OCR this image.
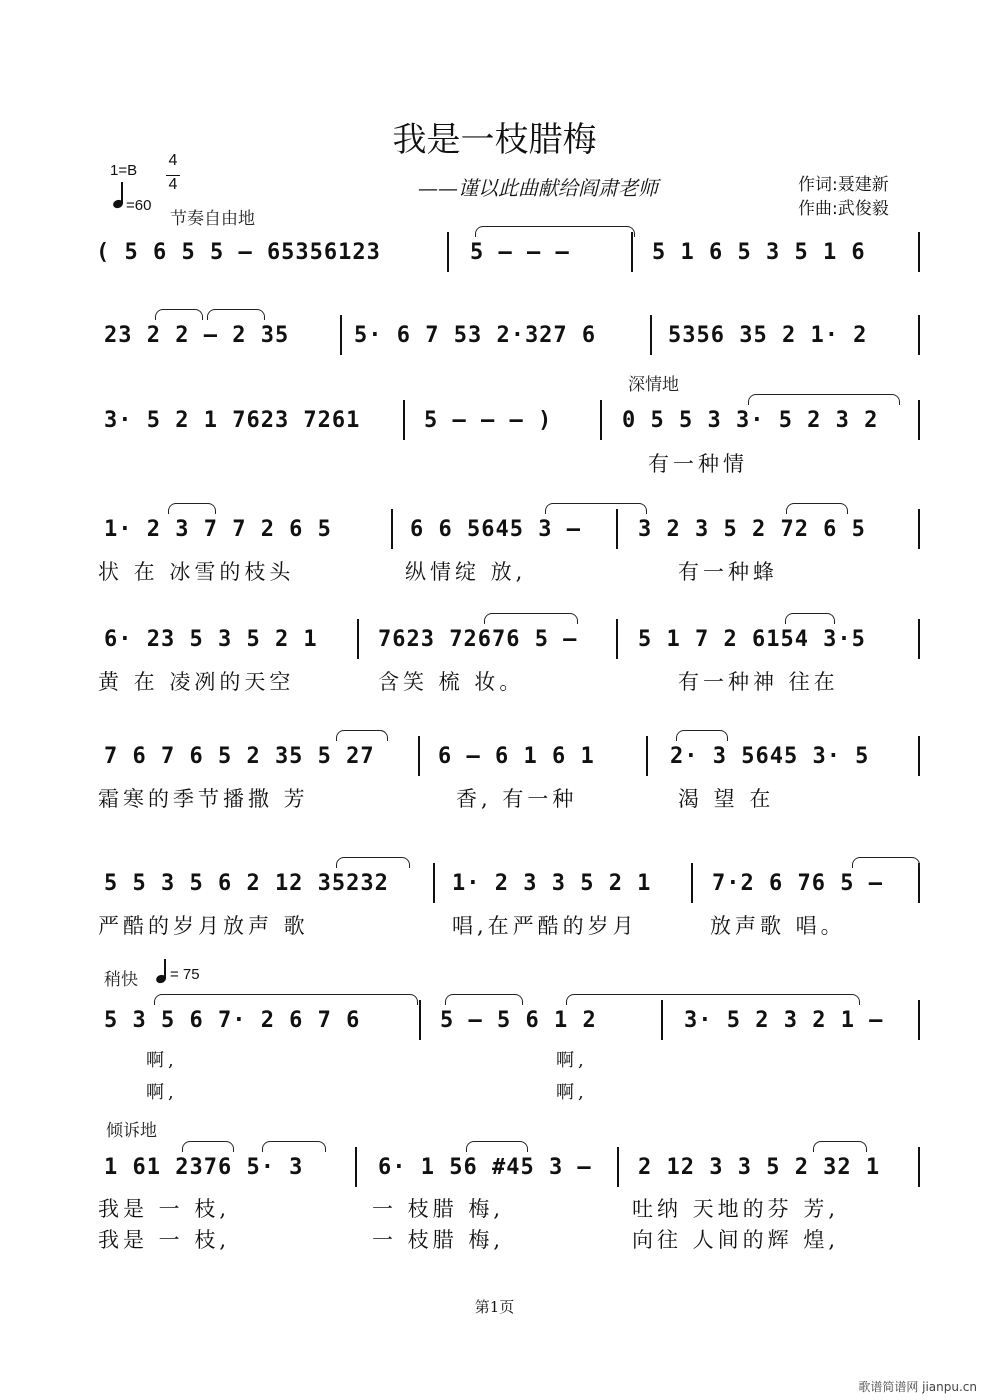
我是一枝腊梅
——谨以此曲献给阎肃老师	作词:聂建新
作曲:武俊毅
1=B
4
4
=60
节奏自由地
( 5 6 5 5 – 65356123	5 – – –	5 1 6 5 3 5 1 6
23 2 2 – 2 35	5· 6 7 53 2·327 6	5356 35 2 1· 2
深情地
3· 5 2 1 7623 7261	5 – – – )	0 5 5 3 3· 5 2 3 2
有一种情
1· 2 3 7 7 2 6 5	6 6 5645 3 –	3 2 3 5 2 72 6 5
状 在 冰雪的枝头	纵情绽 放,	有一种蜂
6· 23 5 3 5 2 1	7623 72676 5 –	5 1 7 2 6154 3·5
黄 在 凌冽的天空	含笑 梳 妆。	有一种神 往在
7 6 7 6 5 2 35 5 27	6 – 6 1 6 1	2· 3 5645 3· 5
霜寒的季节播撒 芳	香, 有一种	渴 望 在
5 5 3 5 6 2 12 35232	1· 2 3 3 5 2 1	7·2 6 76 5 –
严酷的岁月放声 歌	唱,在严酷的岁月	放声歌 唱。
稍快 = 75
5 3 5 6 7· 2 6 7 6	5 – 5 6 1 2	3· 5 2 3 2 1 –
啊,	啊,
啊,	啊,
倾诉地
1 61 2376 5· 3	6· 1 56 #45 3 – 2 12 3 3 5 2 32 1
我是 一 枝,	一 枝腊 梅,	吐纳 天地的芬 芳,
我是 一 枝,	一 枝腊 梅,	向往 人间的辉 煌,
第1页
歌谱简谱网 jianpu.cn
